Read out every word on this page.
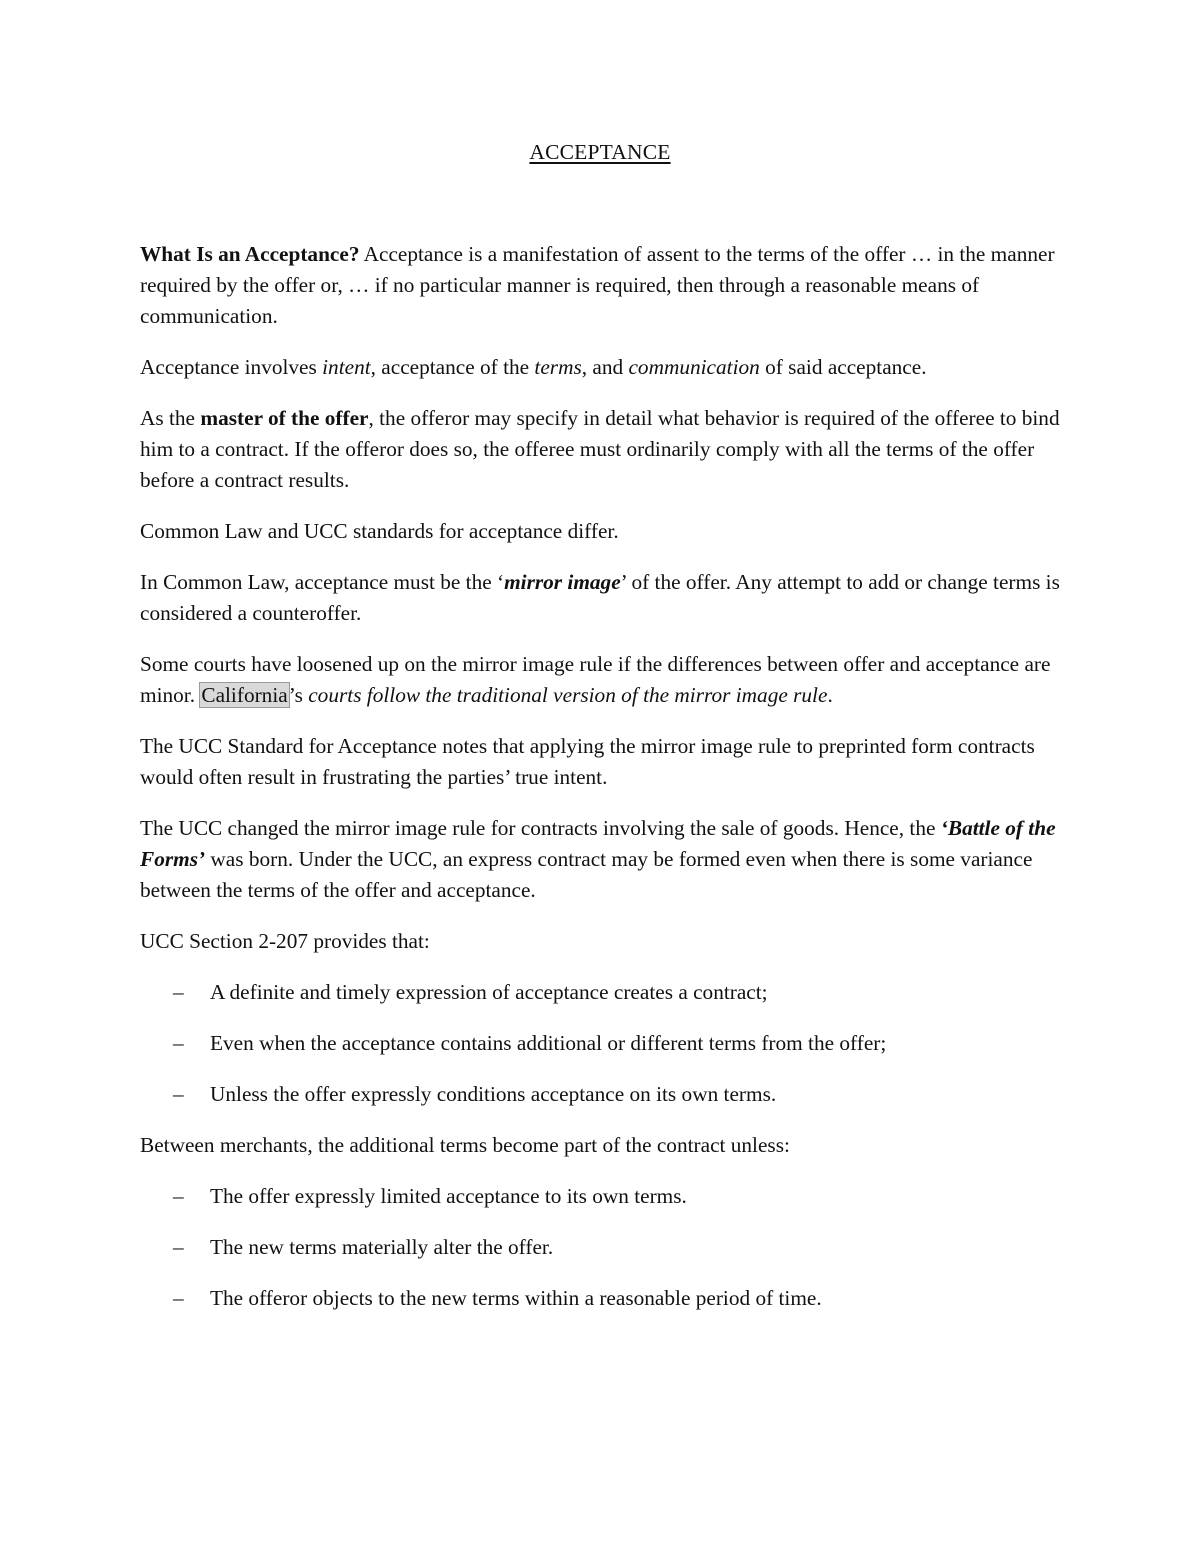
ACCEPTANCE

What Is an Acceptance? Acceptance is a manifestation of assent to the terms of the offer … in the manner required by the offer or, … if no particular manner is required, then through a reasonable means of communication.

Acceptance involves intent, acceptance of the terms, and communication of said acceptance.

As the master of the offer, the offeror may specify in detail what behavior is required of the offeree to bind him to a contract. If the offeror does so, the offeree must ordinarily comply with all the terms of the offer before a contract results.

Common Law and UCC standards for acceptance differ.

In Common Law, acceptance must be the ‘mirror image’ of the offer. Any attempt to add or change terms is considered a counteroffer.

Some courts have loosened up on the mirror image rule if the differences between offer and acceptance are minor. California’s courts follow the traditional version of the mirror image rule.

The UCC Standard for Acceptance notes that applying the mirror image rule to preprinted form contracts would often result in frustrating the parties’ true intent.

The UCC changed the mirror image rule for contracts involving the sale of goods. Hence, the ‘Battle of the Forms’ was born. Under the UCC, an express contract may be formed even when there is some variance between the terms of the offer and acceptance.

UCC Section 2-207 provides that:

– A definite and timely expression of acceptance creates a contract;
– Even when the acceptance contains additional or different terms from the offer;
– Unless the offer expressly conditions acceptance on its own terms.

Between merchants, the additional terms become part of the contract unless:

– The offer expressly limited acceptance to its own terms.
– The new terms materially alter the offer.
– The offeror objects to the new terms within a reasonable period of time.
